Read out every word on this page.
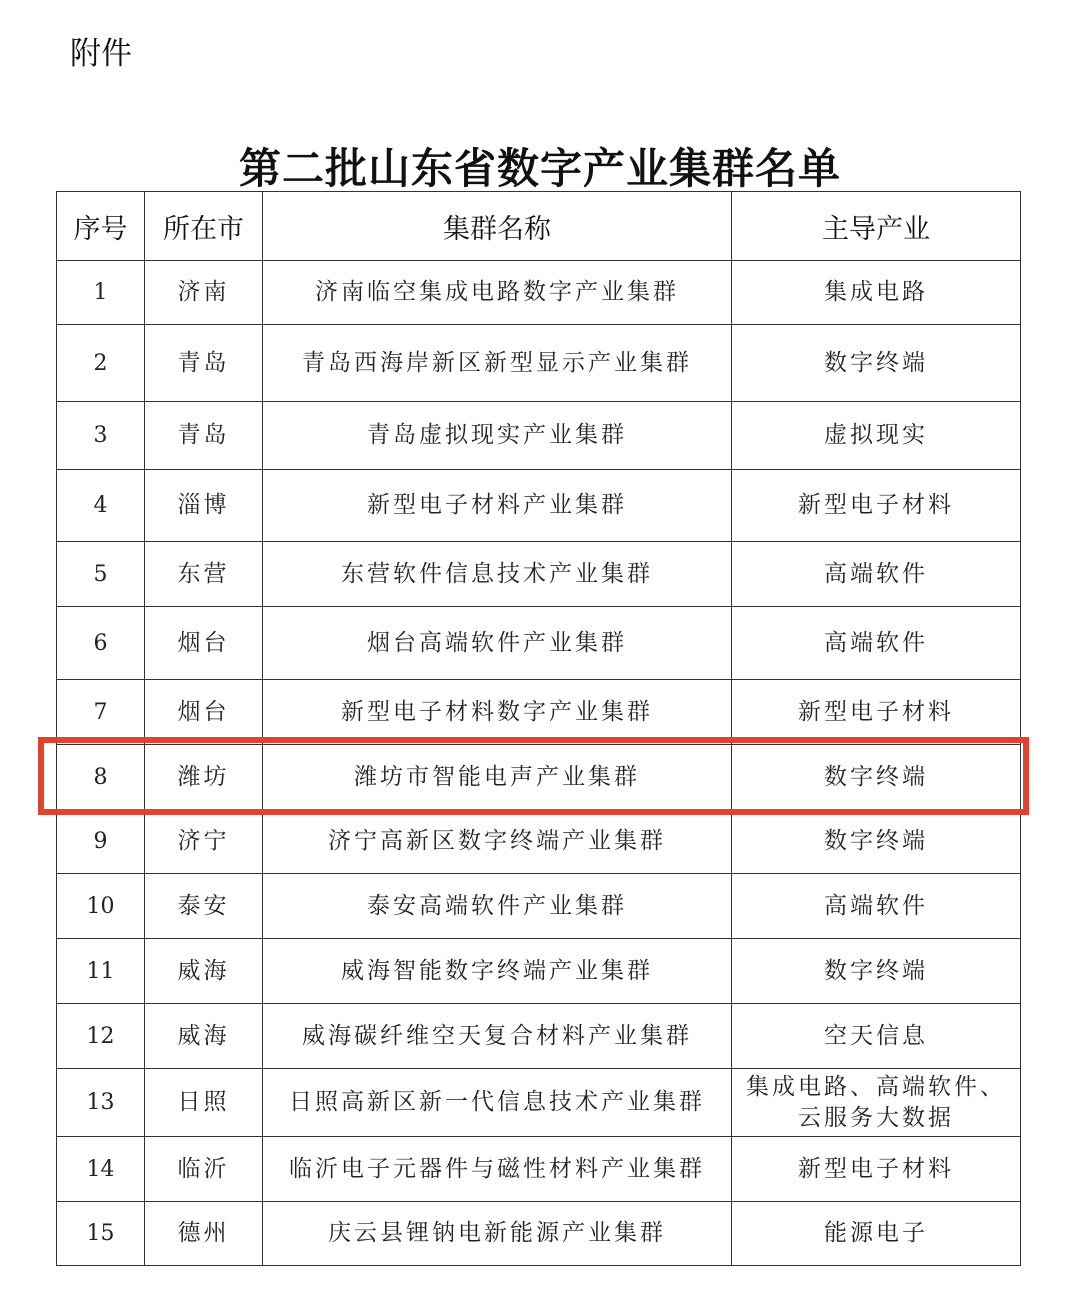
附件
第二批山东省数字产业集群名单
序号	所在市	集群名称	主导产业
1	济南	济南临空集成电路数字产业集群	集成电路
2	青岛	青岛西海岸新区新型显示产业集群	数字终端
3	青岛	青岛虚拟现实产业集群	虚拟现实
4	淄博	新型电子材料产业集群	新型电子材料
5	东营	东营软件信息技术产业集群	高端软件
6	烟台	烟台高端软件产业集群	高端软件
7	烟台	新型电子材料数字产业集群	新型电子材料
8	潍坊	潍坊市智能电声产业集群	数字终端
9	济宁	济宁高新区数字终端产业集群	数字终端
10	泰安	泰安高端软件产业集群	高端软件
11	威海	威海智能数字终端产业集群	数字终端
12	威海	威海碳纤维空天复合材料产业集群	空天信息
13	日照	日照高新区新一代信息技术产业集群	集成电路、高端软件、云服务大数据
14	临沂	临沂电子元器件与磁性材料产业集群	新型电子材料
15	德州	庆云县锂钠电新能源产业集群	能源电子
